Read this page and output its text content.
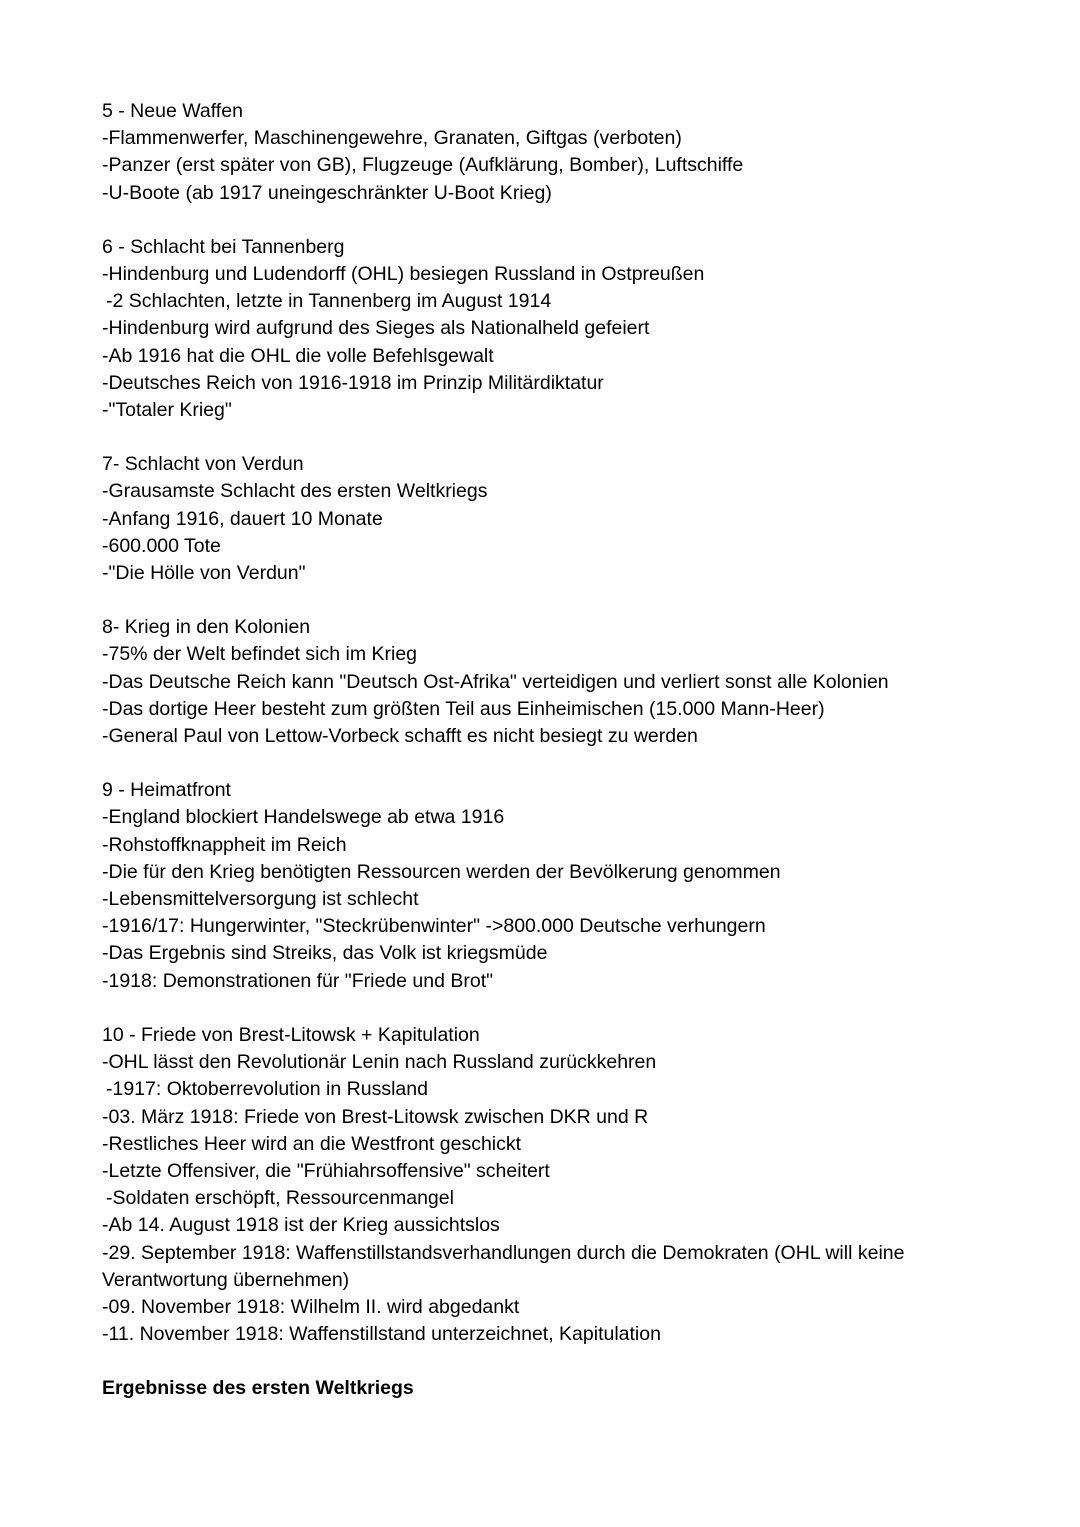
5 - Neue Waffen
-Flammenwerfer, Maschinengewehre, Granaten, Giftgas (verboten)
-Panzer (erst später von GB), Flugzeuge (Aufklärung, Bomber), Luftschiffe
-U-Boote (ab 1917 uneingeschränkter U-Boot Krieg)
6 - Schlacht bei Tannenberg
-Hindenburg und Ludendorff (OHL) besiegen Russland in Ostpreußen
-2 Schlachten, letzte in Tannenberg im August 1914
-Hindenburg wird aufgrund des Sieges als Nationalheld gefeiert
-Ab 1916 hat die OHL die volle Befehlsgewalt
-Deutsches Reich von 1916-1918 im Prinzip Militärdiktatur
-"Totaler Krieg"
7- Schlacht von Verdun
-Grausamste Schlacht des ersten Weltkriegs
-Anfang 1916, dauert 10 Monate
-600.000 Tote
-"Die Hölle von Verdun"
8- Krieg in den Kolonien
-75% der Welt befindet sich im Krieg
-Das Deutsche Reich kann "Deutsch Ost-Afrika" verteidigen und verliert sonst alle Kolonien
-Das dortige Heer besteht zum größten Teil aus Einheimischen (15.000 Mann-Heer)
-General Paul von Lettow-Vorbeck schafft es nicht besiegt zu werden
9 - Heimatfront
-England blockiert Handelswege ab etwa 1916
-Rohstoffknappheit im Reich
-Die für den Krieg benötigten Ressourcen werden der Bevölkerung genommen
-Lebensmittelversorgung ist schlecht
-1916/17: Hungerwinter, "Steckrübenwinter" ->800.000 Deutsche verhungern
-Das Ergebnis sind Streiks, das Volk ist kriegsmüde
-1918: Demonstrationen für "Friede und Brot"
10 - Friede von Brest-Litowsk + Kapitulation
-OHL lässt den Revolutionär Lenin nach Russland zurückkehren
-1917: Oktoberrevolution in Russland
-03. März 1918: Friede von Brest-Litowsk zwischen DKR und R
-Restliches Heer wird an die Westfront geschickt
-Letzte Offensiver, die "Frühiahrsoffensive" scheitert
-Soldaten erschöpft, Ressourcenmangel
-Ab 14. August 1918 ist der Krieg aussichtslos
-29. September 1918: Waffenstillstandsverhandlungen durch die Demokraten (OHL will keine
Verantwortung übernehmen)
-09. November 1918: Wilhelm II. wird abgedankt
-11. November 1918: Waffenstillstand unterzeichnet, Kapitulation
Ergebnisse des ersten Weltkriegs
